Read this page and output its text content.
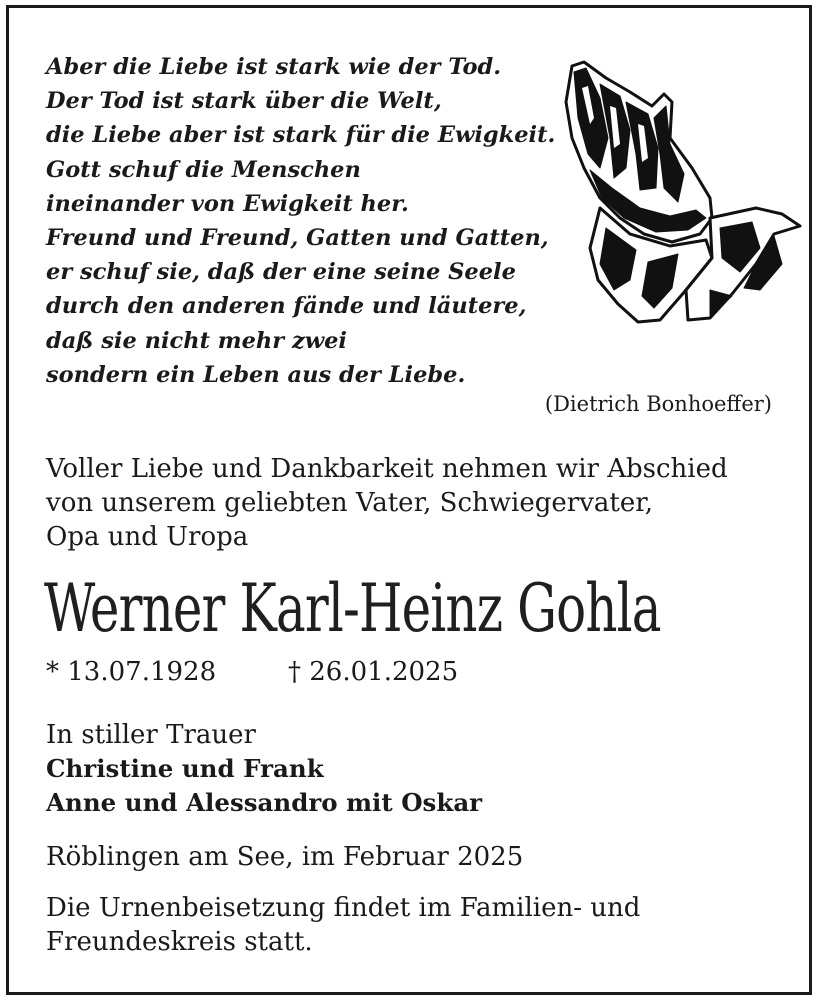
Aber die Liebe ist stark wie der Tod.
Der Tod ist stark über die Welt,
die Liebe aber ist stark für die Ewigkeit.
Gott schuf die Menschen
ineinander von Ewigkeit her.
Freund und Freund, Gatten und Gatten,
er schuf sie, daß der eine seine Seele
durch den anderen fände und läutere,
daß sie nicht mehr zwei
sondern ein Leben aus der Liebe.
(Dietrich Bonhoeffer)
Voller Liebe und Dankbarkeit nehmen wir Abschied
von unserem geliebten Vater, Schwiegervater,
Opa und Uropa
Werner Karl-Heinz Gohla
* 13.07.1928	† 26.01.2025
In stiller Trauer
Christine und Frank
Anne und Alessandro mit Oskar
Röblingen am See, im Februar 2025
Die Urnenbeisetzung findet im Familien- und
Freundeskreis statt.
